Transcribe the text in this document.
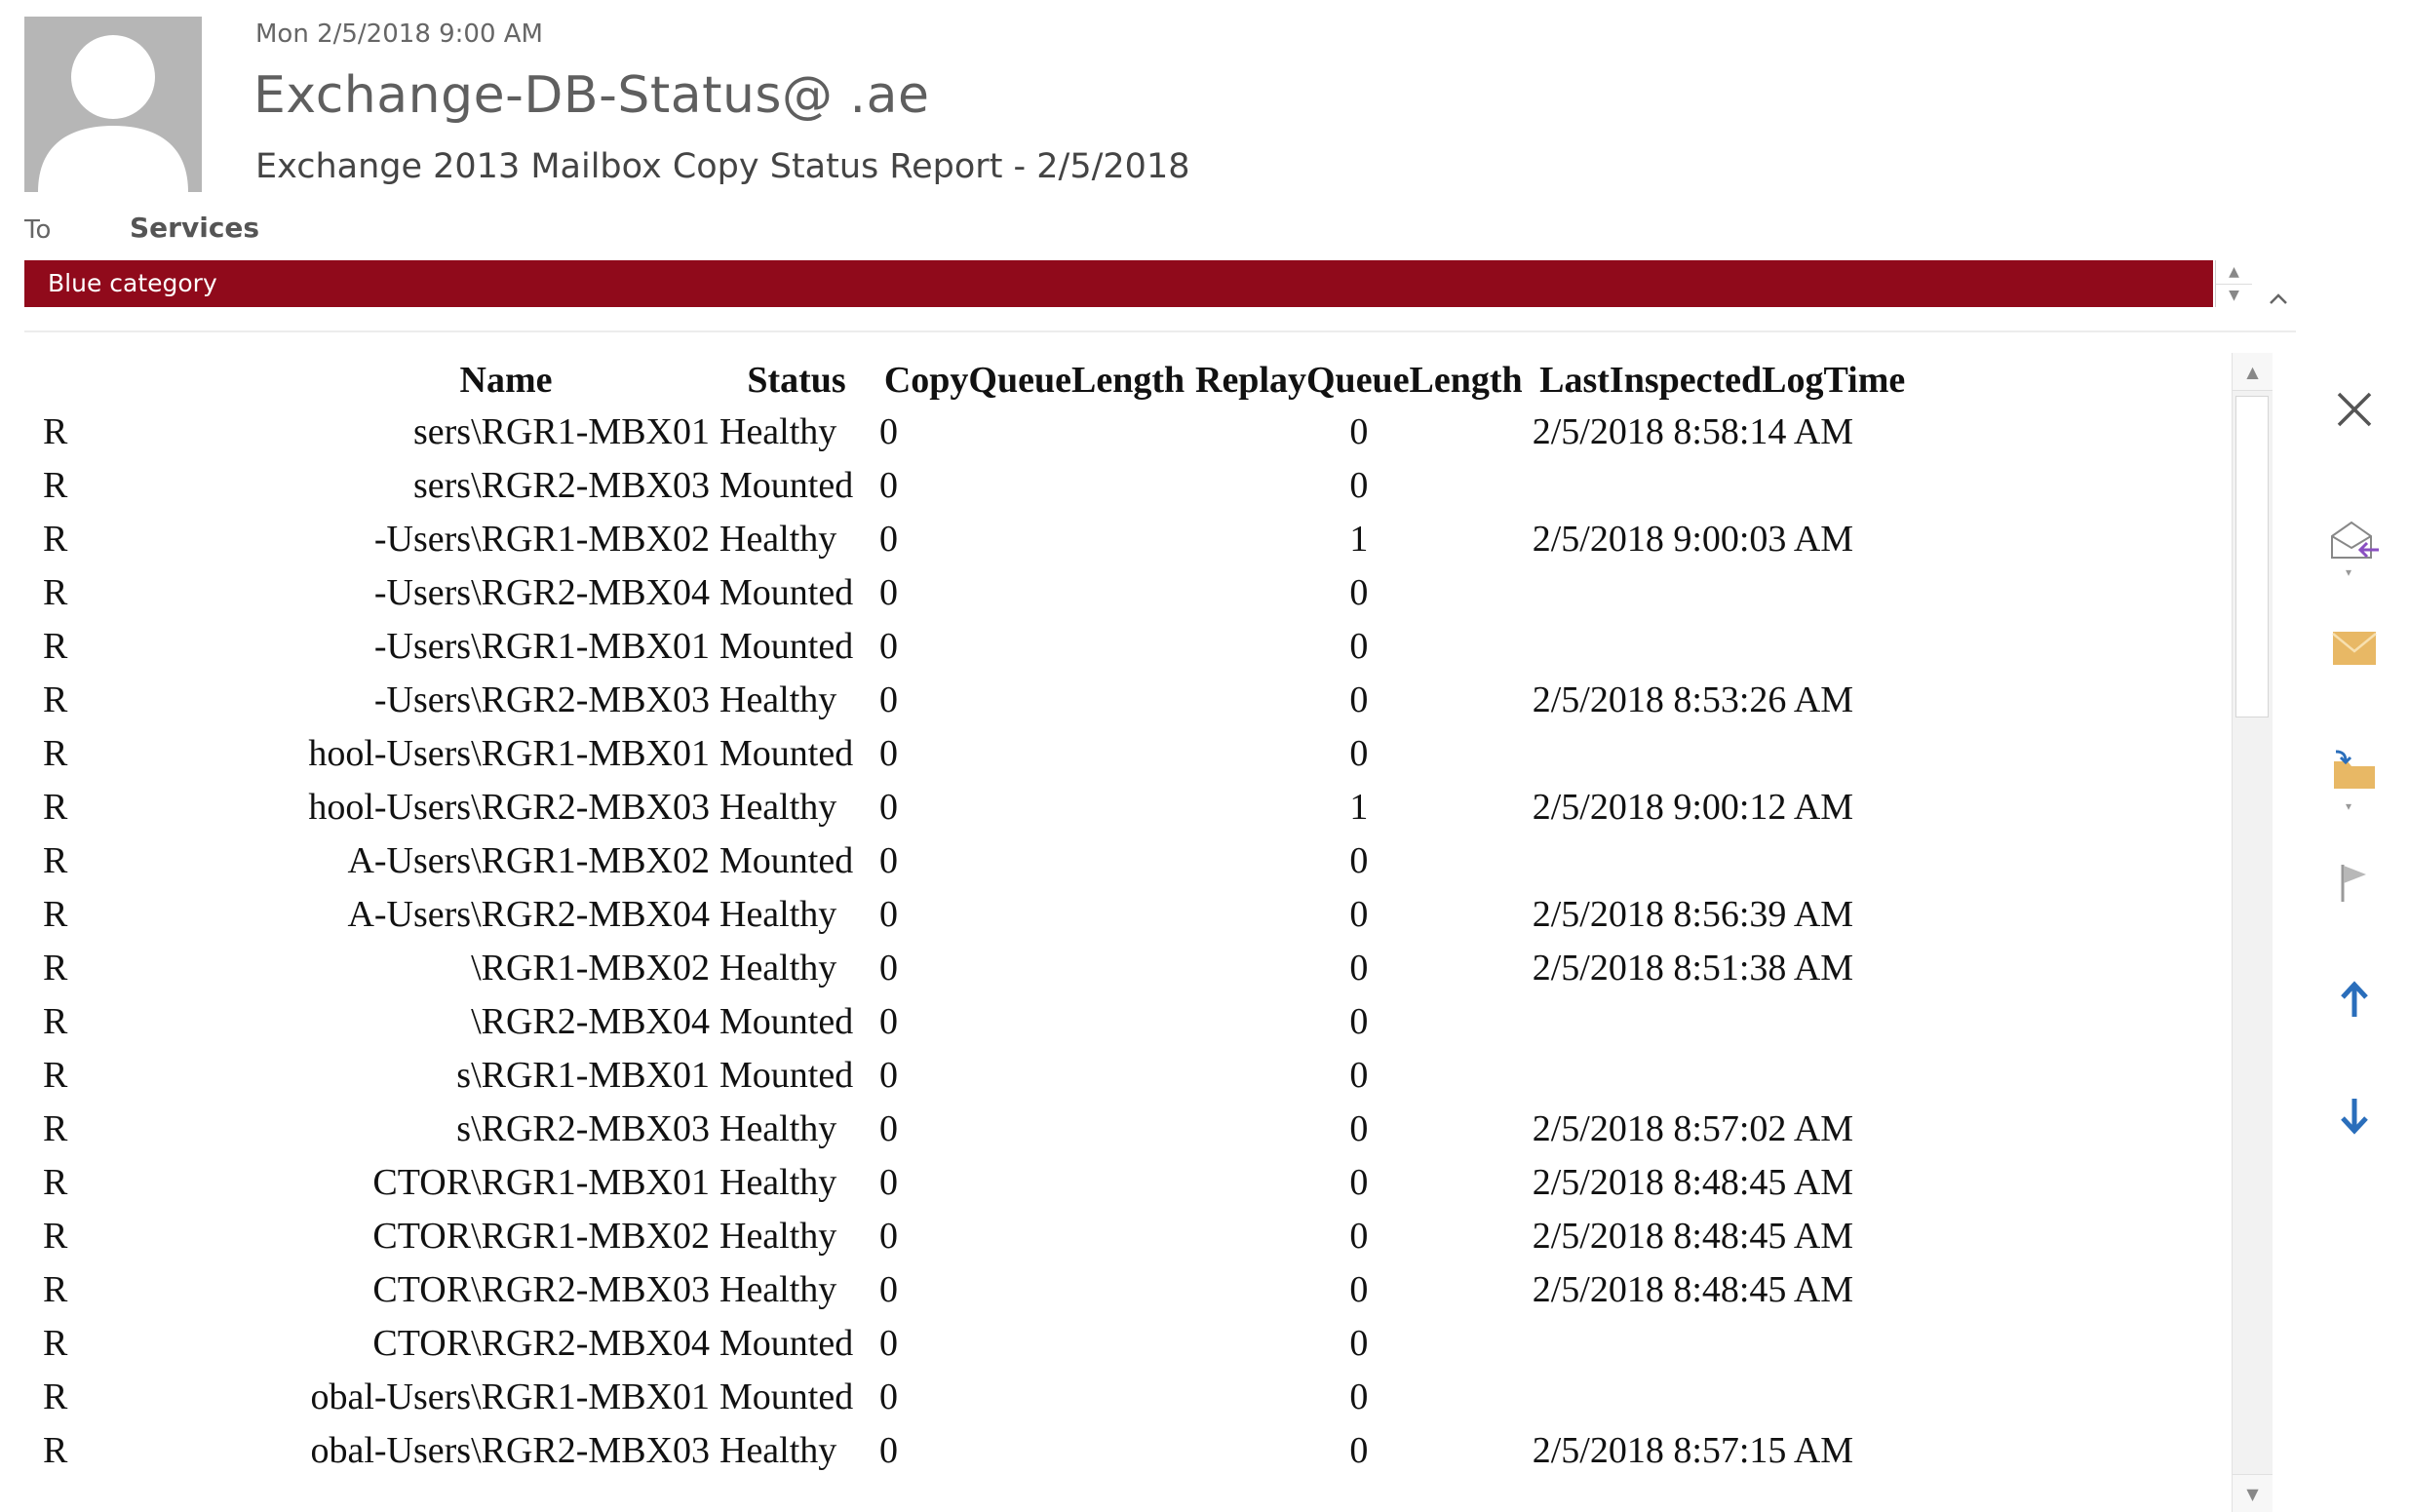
Mon 2/5/2018 9:00 AM
Exchange-DB-Status@ .ae
Exchange 2013 Mailbox Copy Status Report - 2/5/2018
To	Services
Blue category	▲
▼
	Name	Status	CopyQueueLength	ReplayQueueLength	LastInspectedLogTime
R	sers\RGR1-MBX01	Healthy	0	0	2/5/2018 8:58:14 AM
R	sers\RGR2-MBX03	Mounted	0	0	
R	-Users\RGR1-MBX02	Healthy	0	1	2/5/2018 9:00:03 AM
R	-Users\RGR2-MBX04	Mounted	0	0	
R	-Users\RGR1-MBX01	Mounted	0	0	
R	-Users\RGR2-MBX03	Healthy	0	0	2/5/2018 8:53:26 AM
R	hool-Users\RGR1-MBX01	Mounted	0	0	
R	hool-Users\RGR2-MBX03	Healthy	0	1	2/5/2018 9:00:12 AM
R	A-Users\RGR1-MBX02	Mounted	0	0	
R	A-Users\RGR2-MBX04	Healthy	0	0	2/5/2018 8:56:39 AM
R	\RGR1-MBX02	Healthy	0	0	2/5/2018 8:51:38 AM
R	\RGR2-MBX04	Mounted	0	0	
R	s\RGR1-MBX01	Mounted	0	0	
R	s\RGR2-MBX03	Healthy	0	0	2/5/2018 8:57:02 AM
R	CTOR\RGR1-MBX01	Healthy	0	0	2/5/2018 8:48:45 AM
R	CTOR\RGR1-MBX02	Healthy	0	0	2/5/2018 8:48:45 AM
R	CTOR\RGR2-MBX03	Healthy	0	0	2/5/2018 8:48:45 AM
R	CTOR\RGR2-MBX04	Mounted	0	0	
R	obal-Users\RGR1-MBX01	Mounted	0	0	
R	obal-Users\RGR2-MBX03	Healthy	0	0	2/5/2018 8:57:15 AM
▲
▼
▾
▾
